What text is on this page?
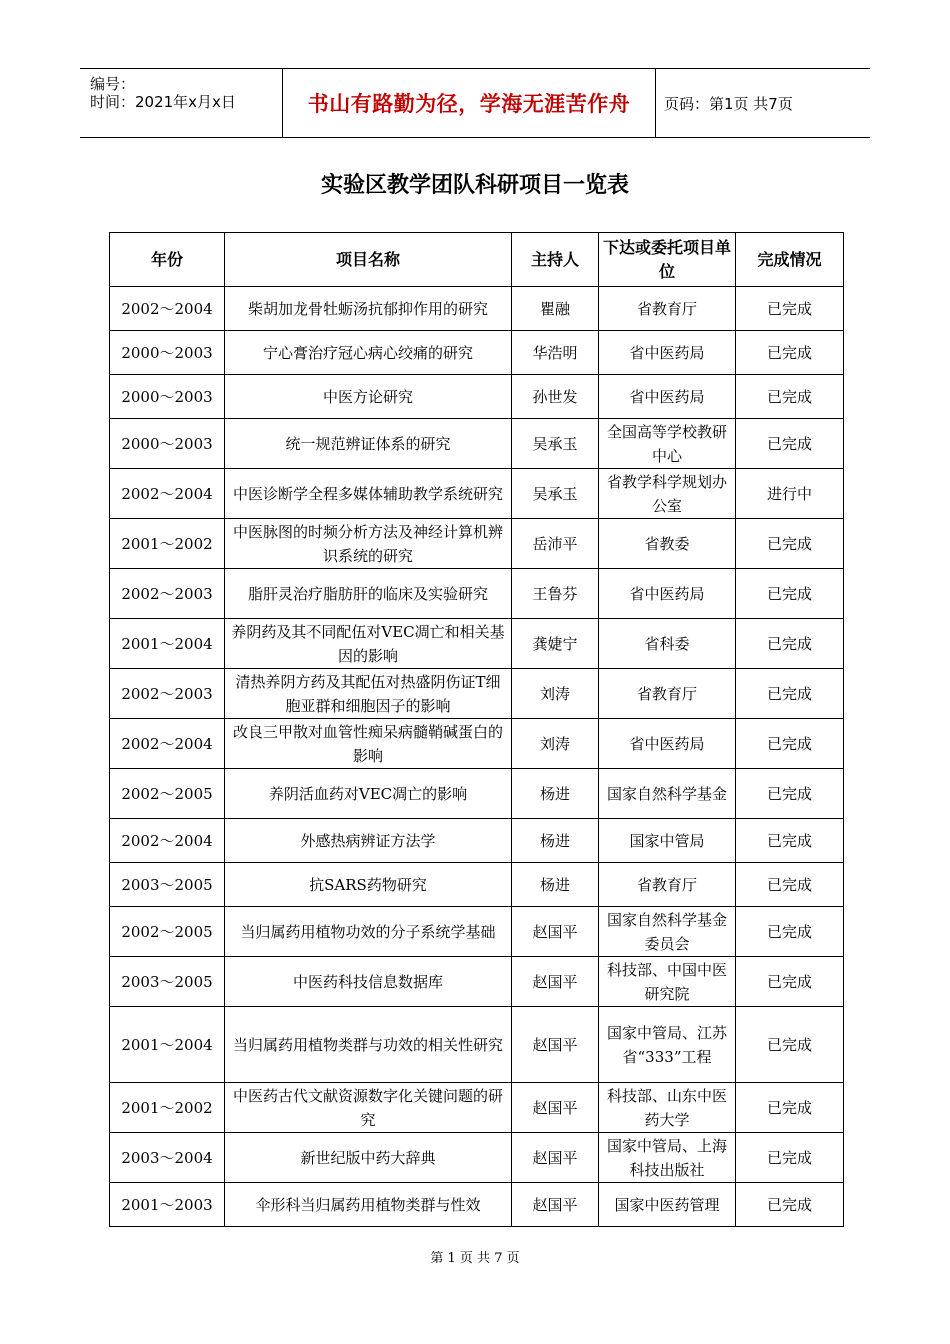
编号：
时间：2021年x月x日	书山有路勤为径，学海无涯苦作舟	页码：第1页 共7页
实验区教学团队科研项目一览表
年份	项目名称	主持人	下达或委托项目单位	完成情况
2002～2004	柴胡加龙骨牡蛎汤抗郁抑作用的研究	瞿融	省教育厅	已完成
2000～2003	宁心膏治疗冠心病心绞痛的研究	华浩明	省中医药局	已完成
2000～2003	中医方论研究	孙世发	省中医药局	已完成
2000～2003	统一规范辨证体系的研究	吴承玉	全国高等学校教研中心	已完成
2002～2004	中医诊断学全程多媒体辅助教学系统研究	吴承玉	省教学科学规划办公室	进行中
2001～2002	中医脉图的时频分析方法及神经计算机辨识系统的研究	岳沛平	省教委	已完成
2002～2003	脂肝灵治疗脂肪肝的临床及实验研究	王鲁芬	省中医药局	已完成
2001～2004	养阴药及其不同配伍对VEC凋亡和相关基因的影响	龚婕宁	省科委	已完成
2002～2003	清热养阴方药及其配伍对热盛阴伤证T细胞亚群和细胞因子的影响	刘涛	省教育厅	已完成
2002～2004	改良三甲散对血管性痴呆病髓鞘碱蛋白的影响	刘涛	省中医药局	已完成
2002～2005	养阴活血药对VEC凋亡的影响	杨进	国家自然科学基金	已完成
2002～2004	外感热病辨证方法学	杨进	国家中管局	已完成
2003～2005	抗SARS药物研究	杨进	省教育厅	已完成
2002～2005	当归属药用植物功效的分子系统学基础	赵国平	国家自然科学基金委员会	已完成
2003～2005	中医药科技信息数据库	赵国平	科技部、中国中医研究院	已完成
2001～2004	当归属药用植物类群与功效的相关性研究	赵国平	国家中管局、江苏省“333”工程	已完成
2001～2002	中医药古代文献资源数字化关键问题的研究	赵国平	科技部、山东中医药大学	已完成
2003～2004	新世纪版中药大辞典	赵国平	国家中管局、上海科技出版社	已完成
2001～2003	伞形科当归属药用植物类群与性效	赵国平	国家中医药管理	已完成
第 1 页 共 7 页
